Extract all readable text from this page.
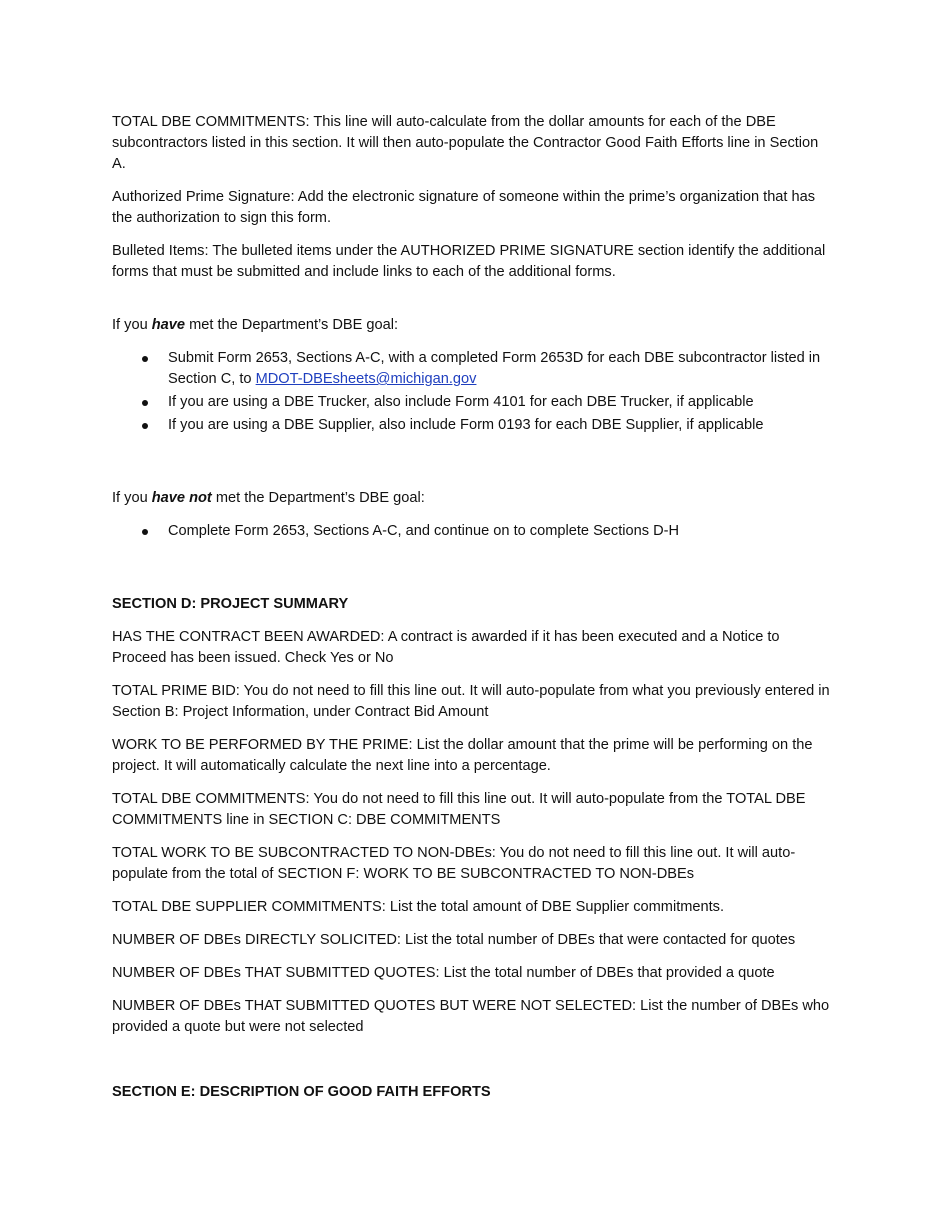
TOTAL DBE COMMITMENTS: This line will auto-calculate from the dollar amounts for each of the DBE subcontractors listed in this section. It will then auto-populate the Contractor Good Faith Efforts line in Section A.

Authorized Prime Signature: Add the electronic signature of someone within the prime’s organization that has the authorization to sign this form.

Bulleted Items: The bulleted items under the AUTHORIZED PRIME SIGNATURE section identify the additional forms that must be submitted and include links to each of the additional forms.

If you have met the Department’s DBE goal:

Submit Form 2653, Sections A-C, with a completed Form 2653D for each DBE subcontractor listed in Section C, to MDOT-DBEsheets@michigan.gov
If you are using a DBE Trucker, also include Form 4101 for each DBE Trucker, if applicable
If you are using a DBE Supplier, also include Form 0193 for each DBE Supplier, if applicable

If you have not met the Department’s DBE goal:

Complete Form 2653, Sections A-C, and continue on to complete Sections D-H

SECTION D: PROJECT SUMMARY

HAS THE CONTRACT BEEN AWARDED: A contract is awarded if it has been executed and a Notice to Proceed has been issued. Check Yes or No

TOTAL PRIME BID: You do not need to fill this line out. It will auto-populate from what you previously entered in Section B: Project Information, under Contract Bid Amount

WORK TO BE PERFORMED BY THE PRIME: List the dollar amount that the prime will be performing on the project. It will automatically calculate the next line into a percentage.

TOTAL DBE COMMITMENTS: You do not need to fill this line out. It will auto-populate from the TOTAL DBE COMMITMENTS line in SECTION C: DBE COMMITMENTS

TOTAL WORK TO BE SUBCONTRACTED TO NON-DBEs: You do not need to fill this line out. It will auto-populate from the total of SECTION F: WORK TO BE SUBCONTRACTED TO NON-DBEs

TOTAL DBE SUPPLIER COMMITMENTS: List the total amount of DBE Supplier commitments.

NUMBER OF DBEs DIRECTLY SOLICITED: List the total number of DBEs that were contacted for quotes

NUMBER OF DBEs THAT SUBMITTED QUOTES: List the total number of DBEs that provided a quote

NUMBER OF DBEs THAT SUBMITTED QUOTES BUT WERE NOT SELECTED: List the number of DBEs who provided a quote but were not selected

SECTION E: DESCRIPTION OF GOOD FAITH EFFORTS
